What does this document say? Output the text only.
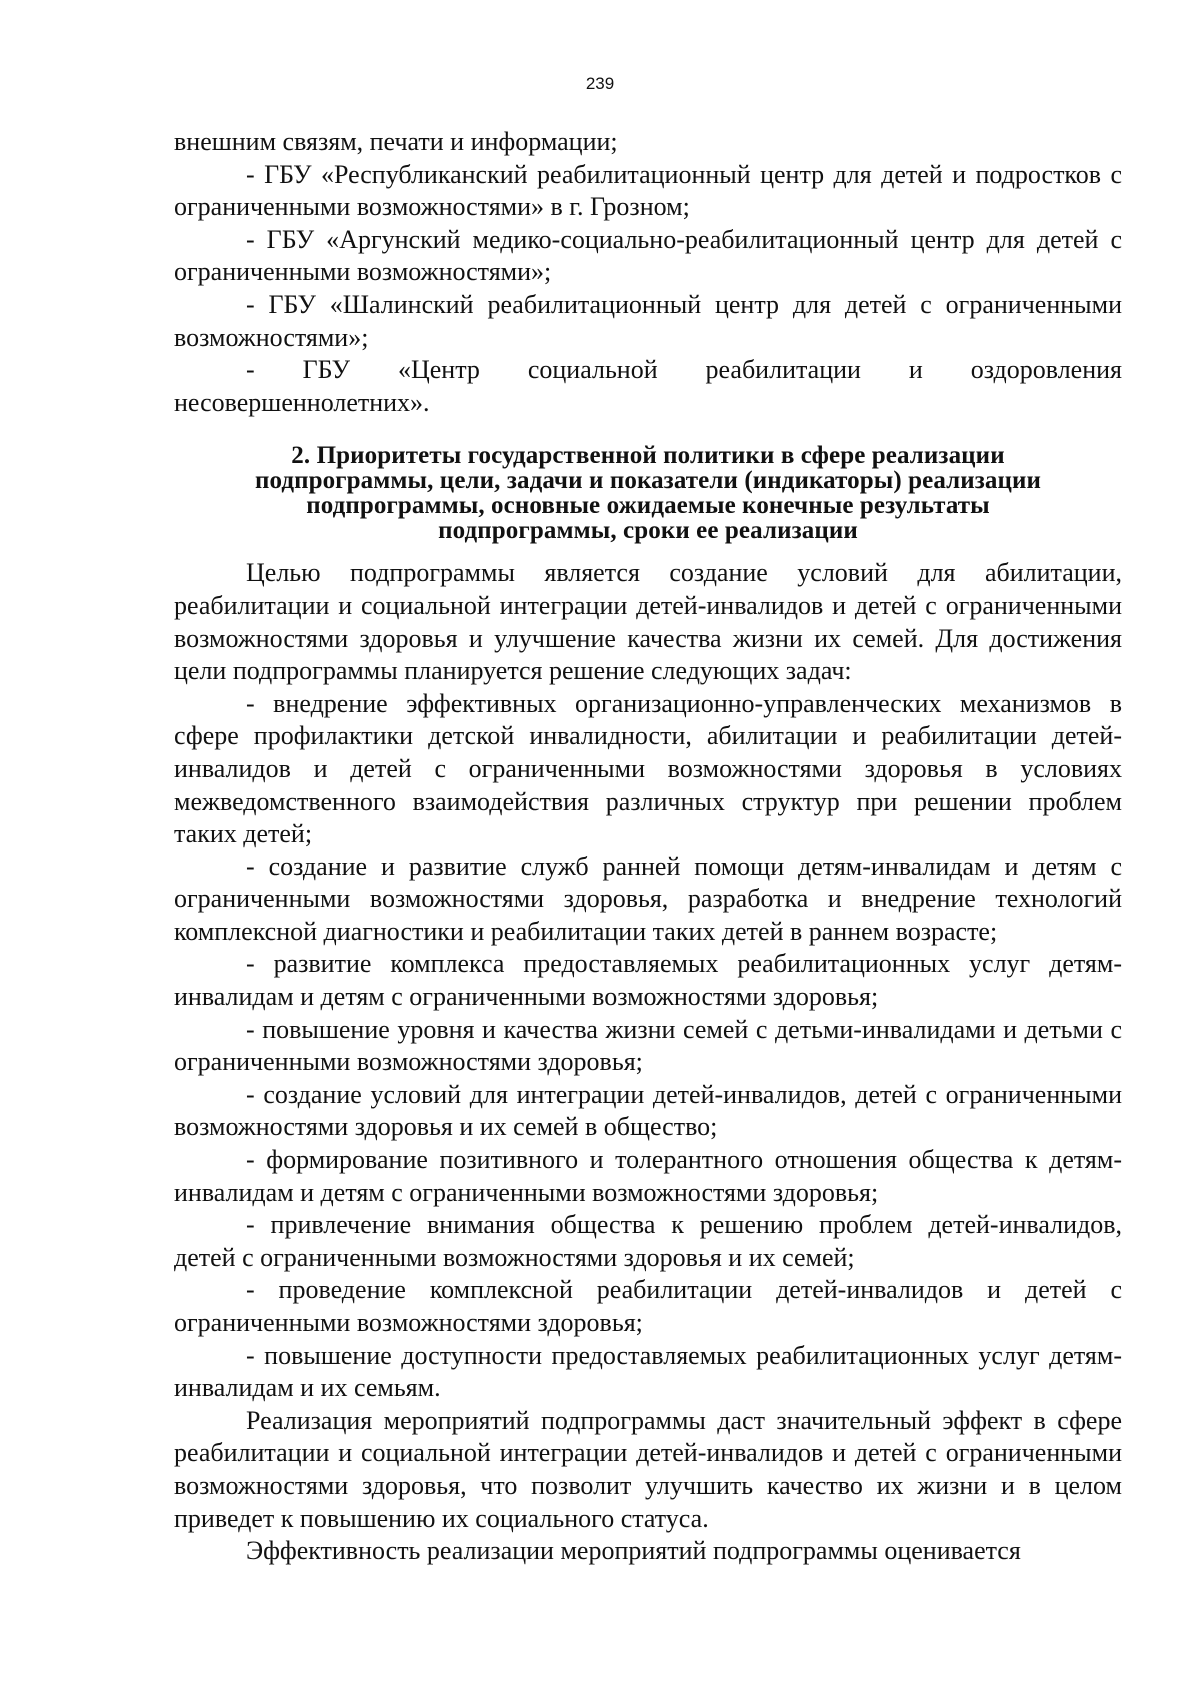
239

внешним связям, печати и информации;

- ГБУ «Республиканский реабилитационный центр для детей и подростков с ограниченными возможностями» в г. Грозном;

- ГБУ «Аргунский медико-социально-реабилитационный центр для детей с ограниченными возможностями»;

- ГБУ «Шалинский реабилитационный центр для детей с ограниченными возможностями»;

- ГБУ «Центр социальной реабилитации и оздоровления несовершеннолетних».

2. Приоритеты государственной политики в сфере реализации
подпрограммы, цели, задачи и показатели (индикаторы) реализации
подпрограммы, основные ожидаемые конечные результаты
подпрограммы, сроки ее реализации

Целью подпрограммы является создание условий для абилитации, реабилитации и социальной интеграции детей-инвалидов и детей с ограниченными возможностями здоровья и улучшение качества жизни их семей. Для достижения цели подпрограммы планируется решение следующих задач:

- внедрение эффективных организационно-управленческих механизмов в сфере профилактики детской инвалидности, абилитации и реабилитации детей-инвалидов и детей с ограниченными возможностями здоровья в условиях межведомственного взаимодействия различных структур при решении проблем таких детей;

- создание и развитие служб ранней помощи детям-инвалидам и детям с ограниченными возможностями здоровья, разработка и внедрение технологий комплексной диагностики и реабилитации таких детей в раннем возрасте;

- развитие комплекса предоставляемых реабилитационных услуг детям-инвалидам и детям с ограниченными возможностями здоровья;

- повышение уровня и качества жизни семей с детьми-инвалидами и детьми с ограниченными возможностями здоровья;

- создание условий для интеграции детей-инвалидов, детей с ограниченными возможностями здоровья и их семей в общество;

- формирование позитивного и толерантного отношения общества к детям-инвалидам и детям с ограниченными возможностями здоровья;

- привлечение внимания общества к решению проблем детей-инвалидов, детей с ограниченными возможностями здоровья и их семей;

- проведение комплексной реабилитации детей-инвалидов и детей с ограниченными возможностями здоровья;

- повышение доступности предоставляемых реабилитационных услуг детям-инвалидам и их семьям.

Реализация мероприятий подпрограммы даст значительный эффект в сфере реабилитации и социальной интеграции детей-инвалидов и детей с ограниченными возможностями здоровья, что позволит улучшить качество их жизни и в целом приведет к повышению их социального статуса.

Эффективность реализации мероприятий подпрограммы оценивается
